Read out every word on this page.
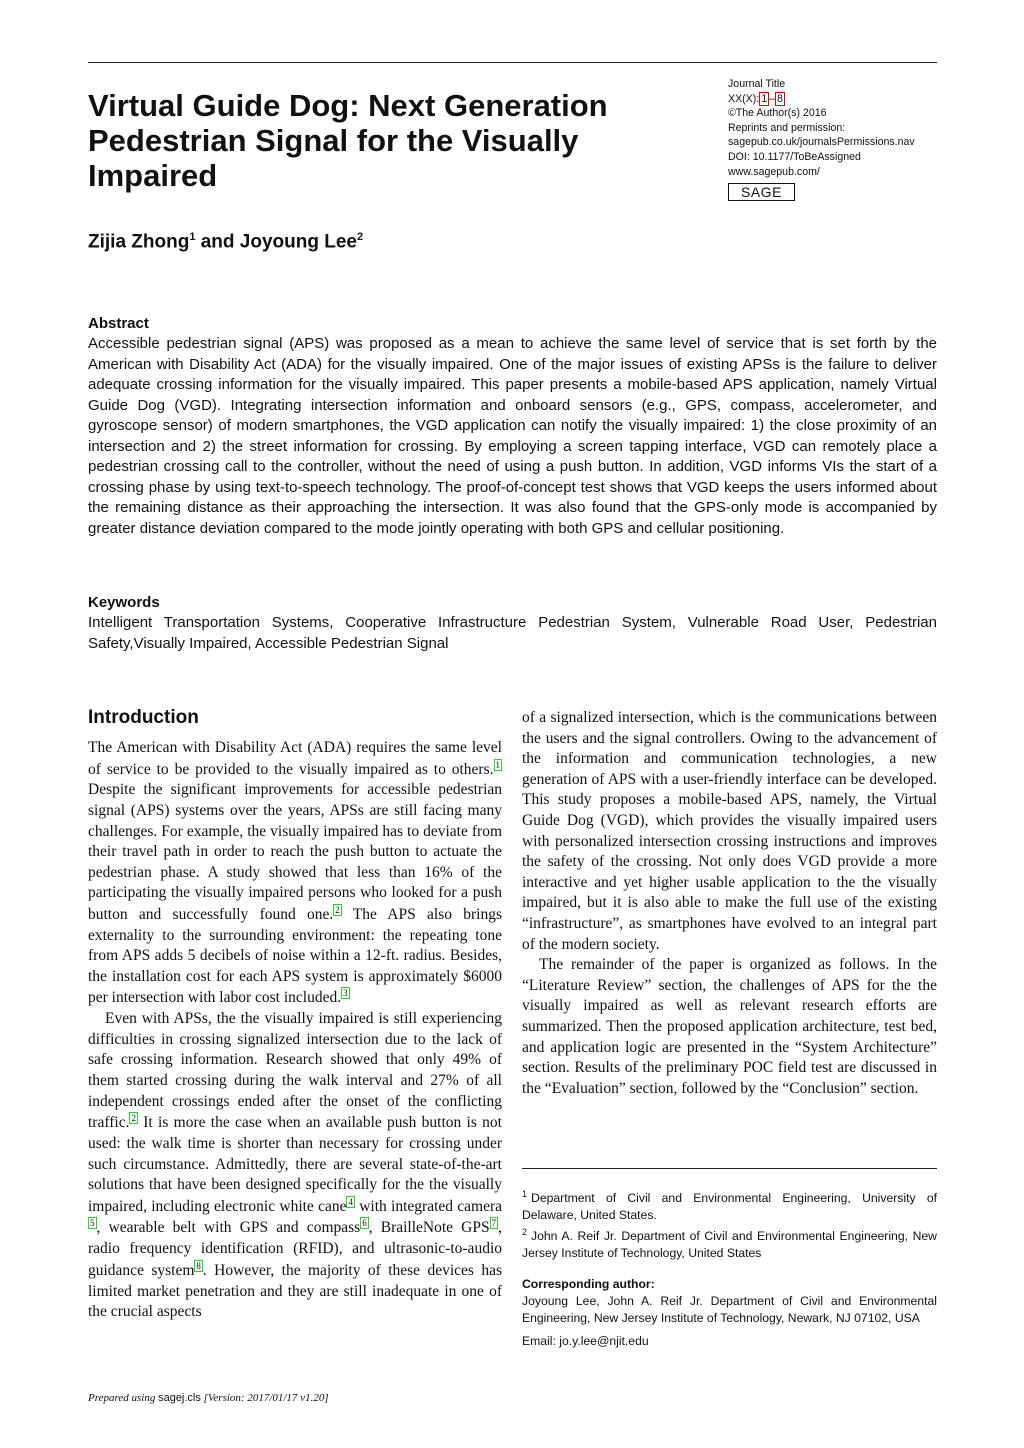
Virtual Guide Dog: Next Generation Pedestrian Signal for the Visually Impaired
Journal Title
XX(X): 1 – 8
©The Author(s) 2016
Reprints and permission:
sagepub.co.uk/journalsPermissions.nav
DOI: 10.1177/ToBeAssigned
www.sagepub.com/
SAGE
Zijia Zhong$^1$ and Joyoung Lee$^2$
Abstract

Accessible pedestrian signal (APS) was proposed as a mean to achieve the same level of service that is set forth by the American with Disability Act (ADA) for the visually impaired. One of the major issues of existing APSs is the failure to deliver adequate crossing information for the visually impaired. This paper presents a mobile-based APS application, namely Virtual Guide Dog (VGD). Integrating intersection information and onboard sensors (e.g., GPS, compass, accelerometer, and gyroscope sensor) of modern smartphones, the VGD application can notify the visually impaired: 1) the close proximity of an intersection and 2) the street information for crossing. By employing a screen tapping interface, VGD can remotely place a pedestrian crossing call to the controller, without the need of using a push button. In addition, VGD informs VIs the start of a crossing phase by using text-to-speech technology. The proof-of-concept test shows that VGD keeps the users informed about the remaining distance as their approaching the intersection. It was also found that the GPS-only mode is accompanied by greater distance deviation compared to the mode jointly operating with both GPS and cellular positioning.

Keywords

Intelligent Transportation Systems, Cooperative Infrastructure Pedestrian System, Vulnerable Road User, Pedestrian Safety,Visually Impaired, Accessible Pedestrian Signal

Introduction

The American with Disability Act (ADA) requires the same level of service to be provided to the visually impaired as to others. 1 Despite the significant improvements for accessible pedestrian signal (APS) systems over the years, APSs are still facing many challenges. For example, the visually impaired has to deviate from their travel path in order to reach the push button to actuate the pedestrian phase. A study showed that less than 16% of the participating the visually impaired persons who looked for a push button and successfully found one. 2 The APS also brings externality to the surrounding environment: the repeating tone from APS adds 5 decibels of noise within a 12-ft. radius. Besides, the installation cost for each APS system is approximately $6000 per intersection with labor cost included. 3

Even with APSs, the the visually impaired is still experiencing difficulties in crossing signalized intersection due to the lack of safe crossing information. Research showed that only 49% of them started crossing during the walk interval and 27% of all independent crossings ended after the onset of the conflicting traffic. 2 It is more the case when an available push button is not used: the walk time is shorter than necessary for crossing under such circumstance. Admittedly, there are several state-of-the-art solutions that have been designed specifically for the the visually impaired, including electronic white cane 4 with integrated camera5 , wearable belt with GPS and compass 6 , BrailleNote GPS 7 , radio frequency identification (RFID), and ultrasonic-to-audio guidance system 8 . However, the majority of these devices has limited market penetration and they are still inadequate in one of the crucial aspects

of a signalized intersection, which is the communications between the users and the signal controllers. Owing to the advancement of the information and communication technologies, a new generation of APS with a user-friendly interface can be developed. This study proposes a mobile-based APS, namely, the Virtual Guide Dog (VGD), which provides the visually impaired users with personalized intersection crossing instructions and improves the safety of the crossing. Not only does VGD provide a more interactive and yet higher usable application to the the visually impaired, but it is also able to make the full use of the existing “infrastructure”, as smartphones have evolved to an integral part of the modern society.

The remainder of the paper is organized as follows. In the “Literature Review” section, the challenges of APS for the the visually impaired as well as relevant research efforts are summarized. Then the proposed application architecture, test bed, and application logic are presented in the “System Architecture” section. Results of the preliminary POC field test are discussed in the “Evaluation” section, followed by the “Conclusion” section.

$^1$ Department of Civil and Environmental Engineering, University of Delaware, United States.

$^2$ John A. Reif Jr. Department of Civil and Environmental Engineering, New Jersey Institute of Technology, United States

Corresponding author:

Joyoung Lee, John A. Reif Jr. Department of Civil and Environmental Engineering, New Jersey Institute of Technology, Newark, NJ 07102, USA

Email: jo.y.lee@njit.edu

Prepared using sagej.cls [Version: 2017/01/17 v1.20]
